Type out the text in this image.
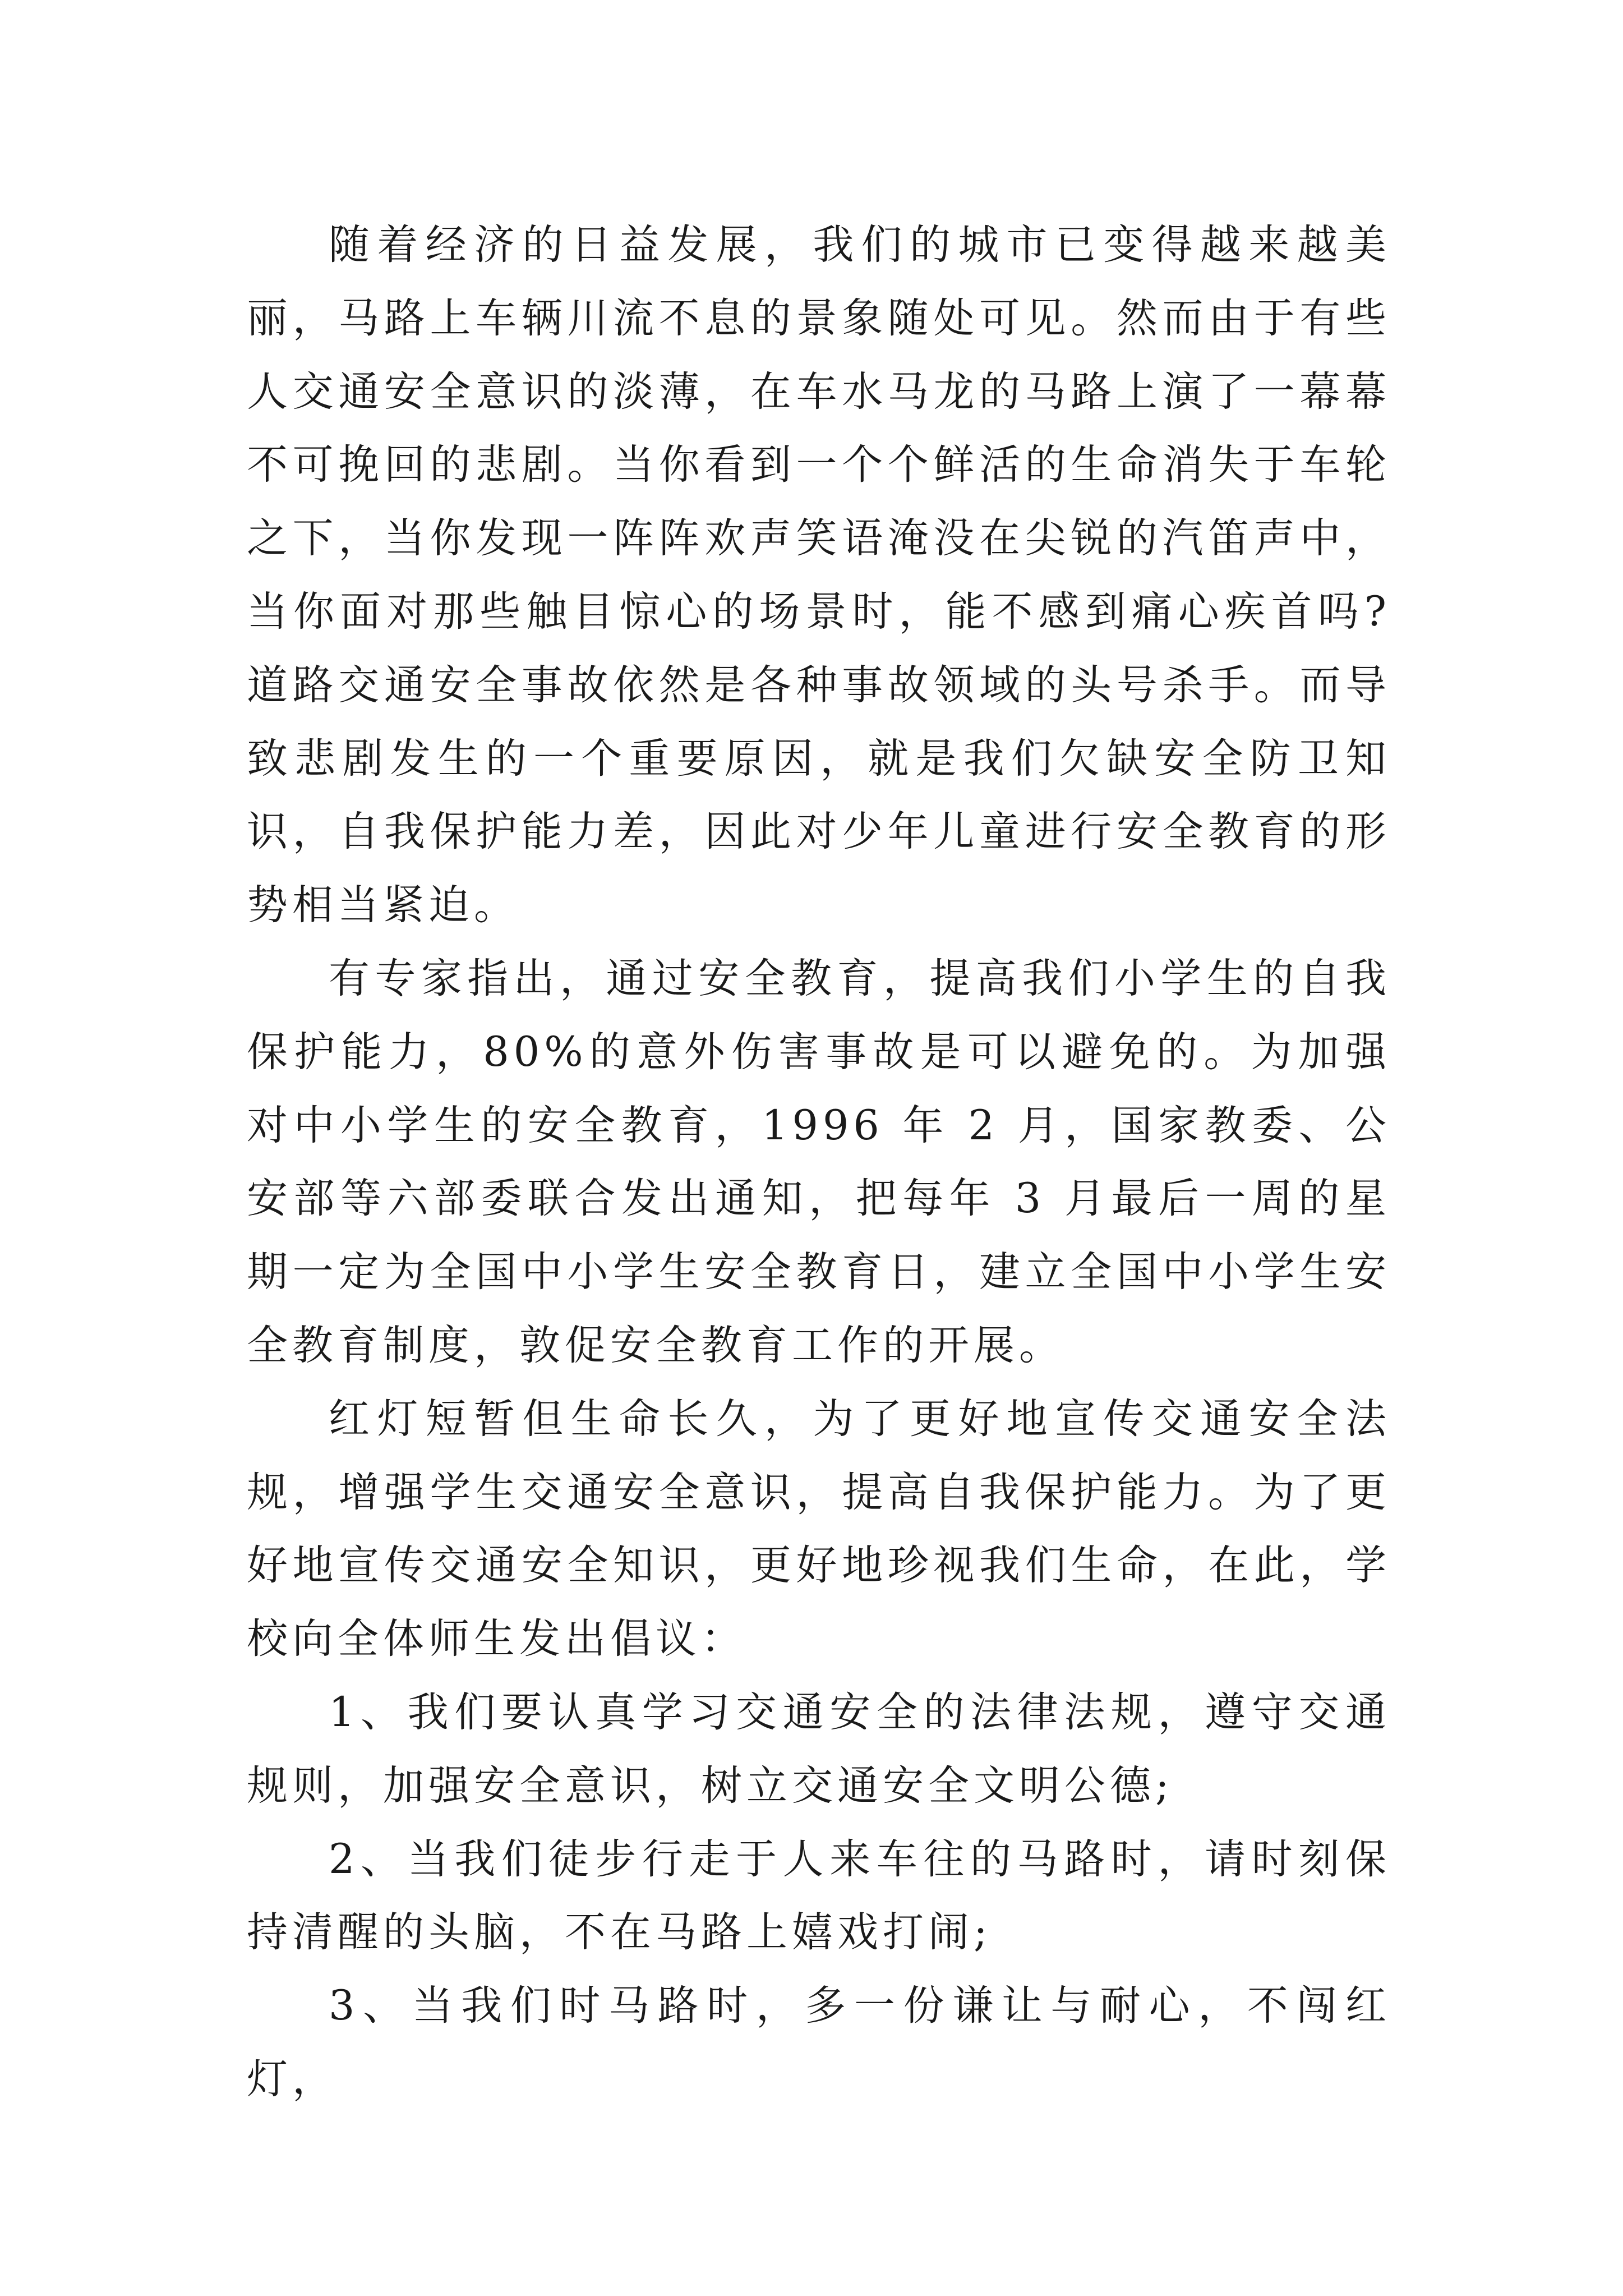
随着经济的日益发展，我们的城市已变得越来越美丽，马路上车辆川流不息的景象随处可见。然而由于有些人交通安全意识的淡薄，在车水马龙的马路上演了一幕幕不可挽回的悲剧。当你看到一个个鲜活的生命消失于车轮之下，当你发现一阵阵欢声笑语淹没在尖锐的汽笛声中，当你面对那些触目惊心的场景时，能不感到痛心疾首吗?道路交通安全事故依然是各种事故领域的头号杀手。而导致悲剧发生的一个重要原因，就是我们欠缺安全防卫知识，自我保护能力差，因此对少年儿童进行安全教育的形势相当紧迫。

有专家指出，通过安全教育，提高我们小学生的自我保护能力，80%的意外伤害事故是可以避免的。为加强对中小学生的安全教育，1996 年 2 月，国家教委、公安部等六部委联合发出通知，把每年 3 月最后一周的星期一定为全国中小学生安全教育日，建立全国中小学生安全教育制度，敦促安全教育工作的开展。

红灯短暂但生命长久，为了更好地宣传交通安全法规，增强学生交通安全意识，提高自我保护能力。为了更好地宣传交通安全知识，更好地珍视我们生命，在此，学校向全体师生发出倡议：

1、我们要认真学习交通安全的法律法规，遵守交通规则，加强安全意识，树立交通安全文明公德;

2、当我们徒步行走于人来车往的马路时，请时刻保持清醒的头脑，不在马路上嬉戏打闹;

3、当我们时马路时，多一份谦让与耐心，不闯红灯，
